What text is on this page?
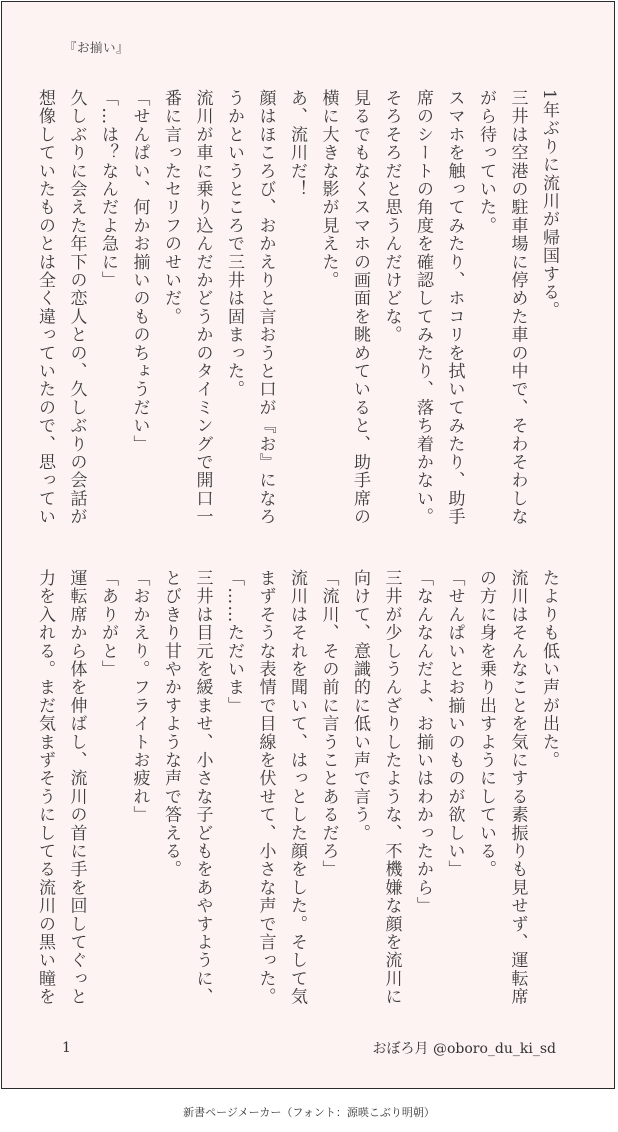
『お揃い』

1年ぶりに流川が帰国する。

三井は空港の駐車場に停めた車の中で、そわそわしな

がら待っていた。

スマホを触ってみたり、ホコリを拭いてみたり、助手

席のシートの角度を確認してみたり、落ち着かない。

そろそろだと思うんだけどな。

見るでもなくスマホの画面を眺めていると、助手席の

横に大きな影が見えた。

あ、流川だ！

顔はほころび、おかえりと言おうと口が『お』になろ

うかというところで三井は固まった。

流川が車に乗り込んだかどうかのタイミングで開口一

番に言ったセリフのせいだ。

「せんぱい、何かお揃いのものちょうだい」

「…は？なんだよ急に」

久しぶりに会えた年下の恋人との、久しぶりの会話が

想像していたものとは全く違っていたので、思ってい

たよりも低い声が出た。

流川はそんなことを気にする素振りも見せず、運転席

の方に身を乗り出すようにしている。

「せんぱいとお揃いのものが欲しい」

「なんなんだよ、お揃いはわかったから」

三井が少しうんざりしたような、不機嫌な顔を流川に

向けて、意識的に低い声で言う。

「流川、その前に言うことあるだろ」

流川はそれを聞いて、はっとした顔をした。そして気

まずそうな表情で目線を伏せて、小さな声で言った。

「……ただいま」

三井は目元を緩ませ、小さな子どもをあやすように、

とびきり甘やかすような声で答える。

「おかえり。フライトお疲れ」

「ありがと」

運転席から体を伸ばし、流川の首に手を回してぐっと

力を入れる。まだ気まずそうにしてる流川の黒い瞳を

1	おぼろ月 @oboro_du_ki_sd
新書ページメーカー（フォント：源暎こぶり明朝）
